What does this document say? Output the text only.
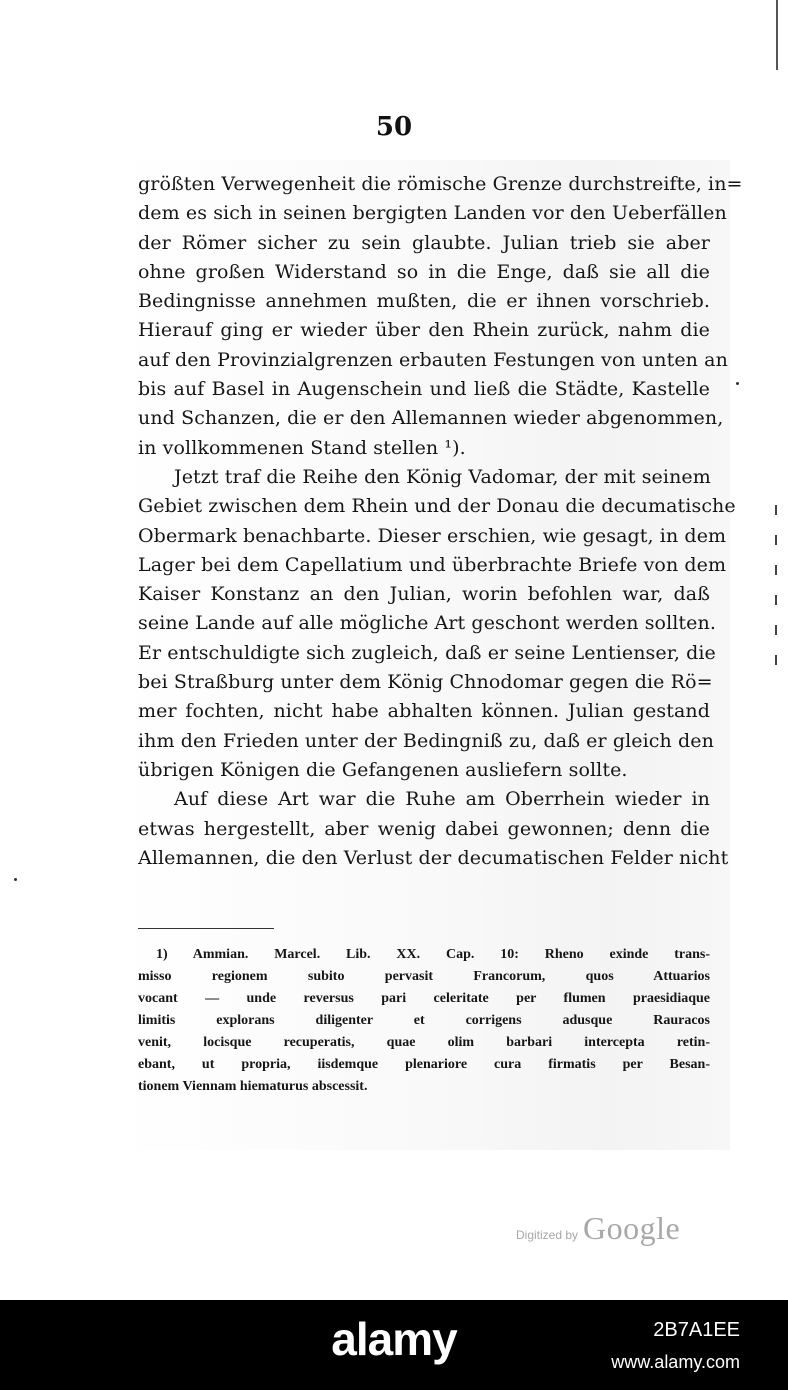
50
größten Verwegenheit die römische Grenze durchstreifte, in=
dem es sich in seinen bergigten Landen vor den Ueberfällen
der Römer sicher zu sein glaubte. Julian trieb sie aber
ohne großen Widerstand so in die Enge, daß sie all die
Bedingnisse annehmen mußten, die er ihnen vorschrieb.
Hierauf ging er wieder über den Rhein zurück, nahm die
auf den Provinzialgrenzen erbauten Festungen von unten an
bis auf Basel in Augenschein und ließ die Städte, Kastelle
und Schanzen, die er den Allemannen wieder abgenommen,
in vollkommenen Stand stellen ¹).
Jetzt traf die Reihe den König Vadomar, der mit seinem
Gebiet zwischen dem Rhein und der Donau die decumatische
Obermark benachbarte. Dieser erschien, wie gesagt, in dem
Lager bei dem Capellatium und überbrachte Briefe von dem
Kaiser Konstanz an den Julian, worin befohlen war, daß
seine Lande auf alle mögliche Art geschont werden sollten.
Er entschuldigte sich zugleich, daß er seine Lentienser, die
bei Straßburg unter dem König Chnodomar gegen die Rö=
mer fochten, nicht habe abhalten können. Julian gestand
ihm den Frieden unter der Bedingniß zu, daß er gleich den
übrigen Königen die Gefangenen ausliefern sollte.
Auf diese Art war die Ruhe am Oberrhein wieder in
etwas hergestellt, aber wenig dabei gewonnen; denn die
Allemannen, die den Verlust der decumatischen Felder nicht
1) Ammian. Marcel. Lib. XX. Cap. 10: Rheno exinde trans-
misso regionem subito pervasit Francorum, quos Attuarios
vocant — unde reversus pari celeritate per flumen praesidiaque
limitis explorans diligenter et corrigens adusque Rauracos
venit, locisque recuperatis, quae olim barbari intercepta retin-
ebant, ut propria, iisdemque plenariore cura firmatis per Besan-
tionem Viennam hiematurus abscessit.
Digitized by Google
alamy	2B7A1EE
www.alamy.com
